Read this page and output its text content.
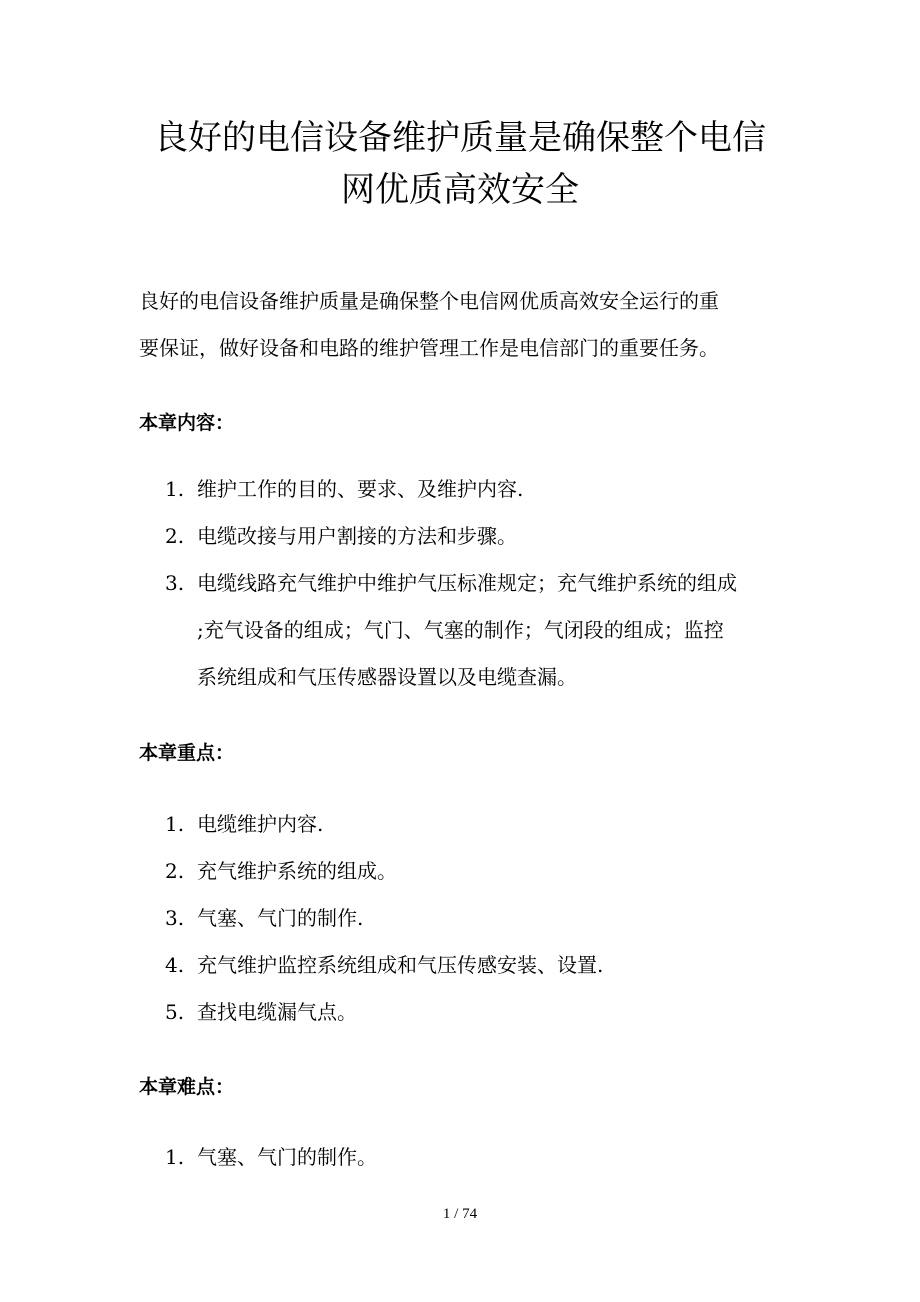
良好的电信设备维护质量是确保整个电信
网优质高效安全

良好的电信设备维护质量是确保整个电信网优质高效安全运行的重
要保证，做好设备和电路的维护管理工作是电信部门的重要任务。

本章内容：
1. 维护工作的目的、要求、及维护内容.
2. 电缆改接与用户割接的方法和步骤。
3. 电缆线路充气维护中维护气压标准规定；充气维护系统的组成
;充气设备的组成；气门、气塞的制作；气闭段的组成；监控
系统组成和气压传感器设置以及电缆查漏。
本章重点：
1. 电缆维护内容.
2. 充气维护系统的组成。
3. 气塞、气门的制作.
4. 充气维护监控系统组成和气压传感安装、设置.
5. 查找电缆漏气点。
本章难点：
1. 气塞、气门的制作。
1 / 74
